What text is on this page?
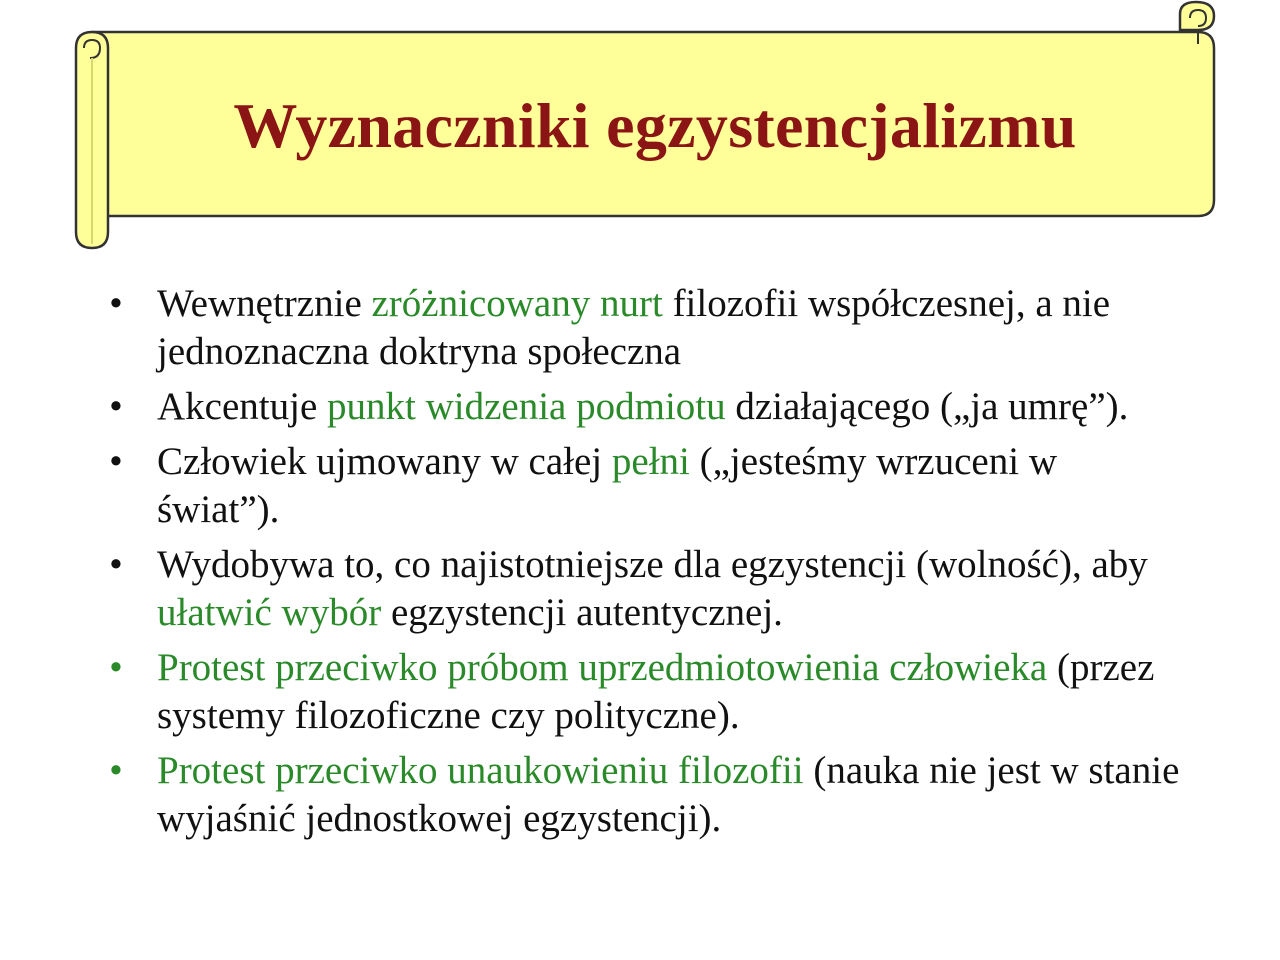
Wyznaczniki egzystencjalizmu
• Wewnętrznie zróżnicowany nurt filozofii współczesnej, a nie jednoznaczna doktryna społeczna
• Akcentuje punkt widzenia podmiotu działającego („ja umrę”).
• Człowiek ujmowany w całej pełni („jesteśmy wrzuceni w świat”).
• Wydobywa to, co najistotniejsze dla egzystencji (wolność), aby ułatwić wybór egzystencji autentycznej.
• Protest przeciwko próbom uprzedmiotowienia człowieka (przez systemy filozoficzne czy polityczne).
• Protest przeciwko unaukowieniu filozofii (nauka nie jest w stanie wyjaśnić jednostkowej egzystencji).
